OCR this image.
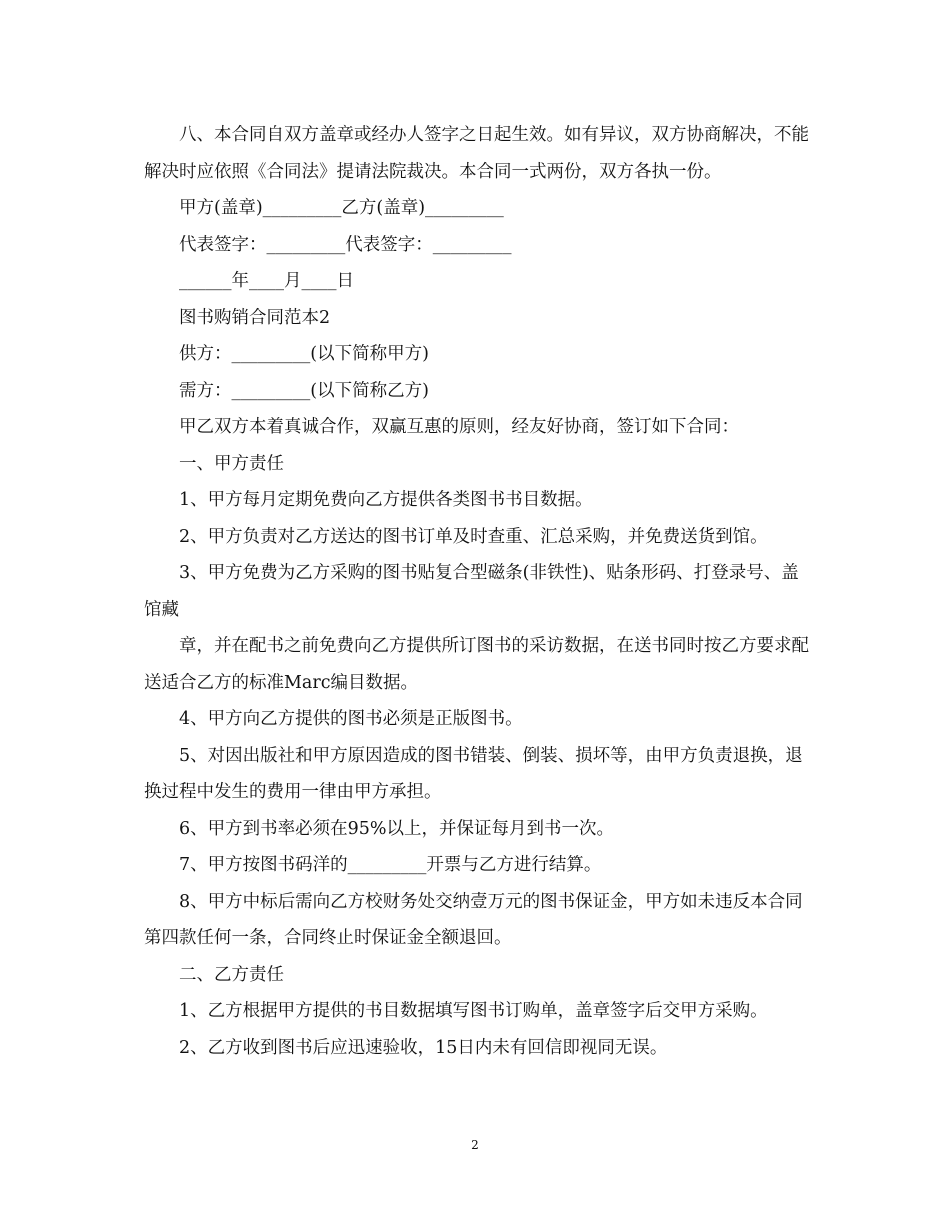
八、本合同自双方盖章或经办人签字之日起生效。如有异议，双方协商解决，不能解决时应依照《合同法》提请法院裁决。本合同一式两份，双方各执一份。

甲方(盖章)_________乙方(盖章)_________

代表签字：_________代表签字：_________

______年____月____日

图书购销合同范本2

供方：_________(以下简称甲方)

需方：_________(以下简称乙方)

甲乙双方本着真诚合作，双赢互惠的原则，经友好协商，签订如下合同：

一、甲方责任

1、甲方每月定期免费向乙方提供各类图书书目数据。

2、甲方负责对乙方送达的图书订单及时查重、汇总采购，并免费送货到馆。

3、甲方免费为乙方采购的图书贴复合型磁条(非铁性)、贴条形码、打登录号、盖馆藏

章，并在配书之前免费向乙方提供所订图书的采访数据，在送书同时按乙方要求配送适合乙方的标准Marc编目数据。

4、甲方向乙方提供的图书必须是正版图书。

5、对因出版社和甲方原因造成的图书错装、倒装、损坏等，由甲方负责退换，退换过程中发生的费用一律由甲方承担。

6、甲方到书率必须在95%以上，并保证每月到书一次。

7、甲方按图书码洋的_________开票与乙方进行结算。

8、甲方中标后需向乙方校财务处交纳壹万元的图书保证金，甲方如未违反本合同第四款任何一条，合同终止时保证金全额退回。

二、乙方责任

1、乙方根据甲方提供的书目数据填写图书订购单，盖章签字后交甲方采购。

2、乙方收到图书后应迅速验收，15日内未有回信即视同无误。

2
